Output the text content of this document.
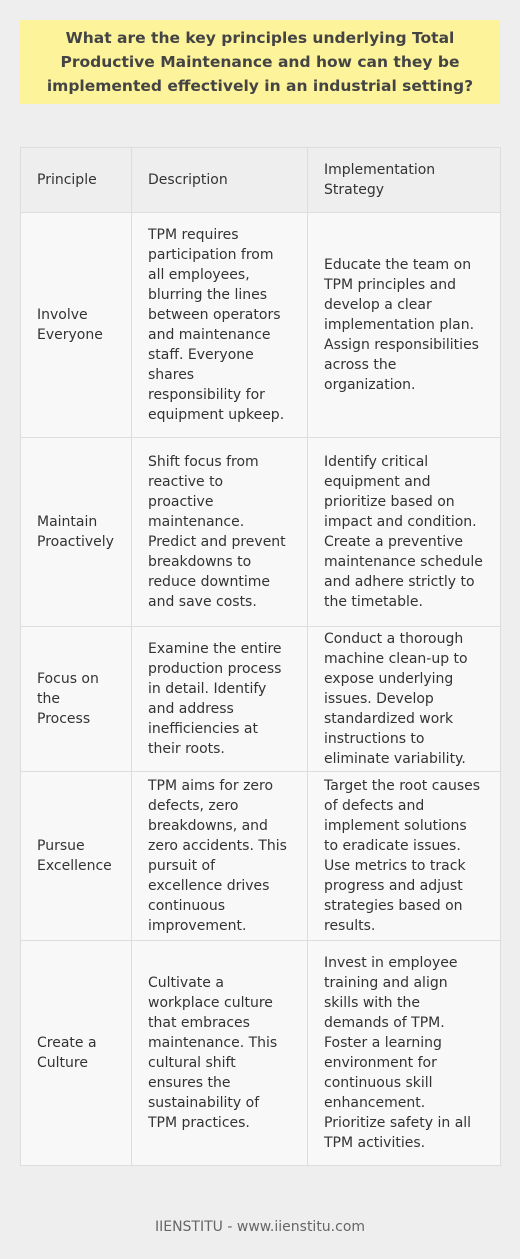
What are the key principles underlying Total Productive Maintenance and how can they be implemented effectively in an industrial setting?
Principle	Description	Implementation Strategy
Involve Everyone	TPM requires participation from all employees, blurring the lines between operators and maintenance staff. Everyone shares responsibility for equipment upkeep.	Educate the team on TPM principles and develop a clear implementation plan. Assign responsibilities across the organization.
Maintain Proactively	Shift focus from reactive to proactive maintenance. Predict and prevent breakdowns to reduce downtime and save costs.	Identify critical equipment and prioritize based on impact and condition. Create a preventive maintenance schedule and adhere strictly to the timetable.
Focus on the Process	Examine the entire production process in detail. Identify and address inefficiencies at their roots.	Conduct a thorough machine clean-up to expose underlying issues. Develop standardized work instructions to eliminate variability.
Pursue Excellence	TPM aims for zero defects, zero breakdowns, and zero accidents. This pursuit of excellence drives continuous improvement.	Target the root causes of defects and implement solutions to eradicate issues. Use metrics to track progress and adjust strategies based on results.
Create a Culture	Cultivate a workplace culture that embraces maintenance. This cultural shift ensures the sustainability of TPM practices.	Invest in employee training and align skills with the demands of TPM. Foster a learning environment for continuous skill enhancement. Prioritize safety in all TPM activities.
IIENSTITU - www.iienstitu.com
